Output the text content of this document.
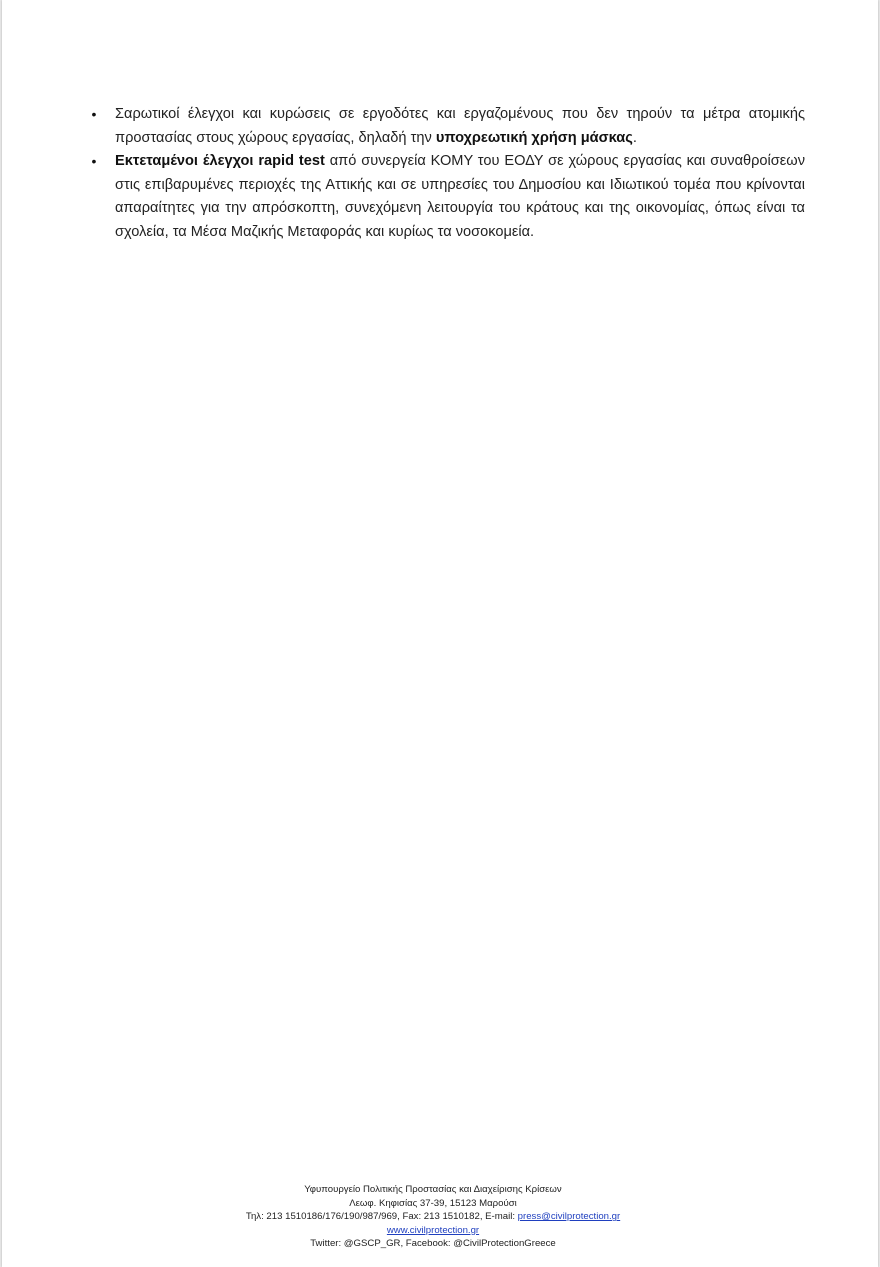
• Σαρωτικοί έλεγχοι και κυρώσεις σε εργοδότες και εργαζομένους που δεν τηρούν τα μέτρα ατομικής προστασίας στους χώρους εργασίας, δηλαδή την υποχρεωτική χρήση μάσκας.
• Εκτεταμένοι έλεγχοι rapid test από συνεργεία ΚΟΜΥ του ΕΟΔΥ σε χώρους εργασίας και συναθροίσεων στις επιβαρυμένες περιοχές της Αττικής και σε υπηρεσίες του Δημοσίου και Ιδιωτικού τομέα που κρίνονται απαραίτητες για την απρόσκοπτη, συνεχόμενη λειτουργία του κράτους και της οικονομίας, όπως είναι τα σχολεία, τα Μέσα Μαζικής Μεταφοράς και κυρίως τα νοσοκομεία.
Υφυπουργείο Πολιτικής Προστασίας και Διαχείρισης Κρίσεων
Λεωφ. Κηφισίας 37-39, 15123 Μαρούσι
Τηλ: 213 1510186/176/190/987/969, Fax: 213 1510182, E-mail: press@civilprotection.gr
www.civilprotection.gr
Twitter: @GSCP_GR, Facebook: @CivilProtectionGreece
